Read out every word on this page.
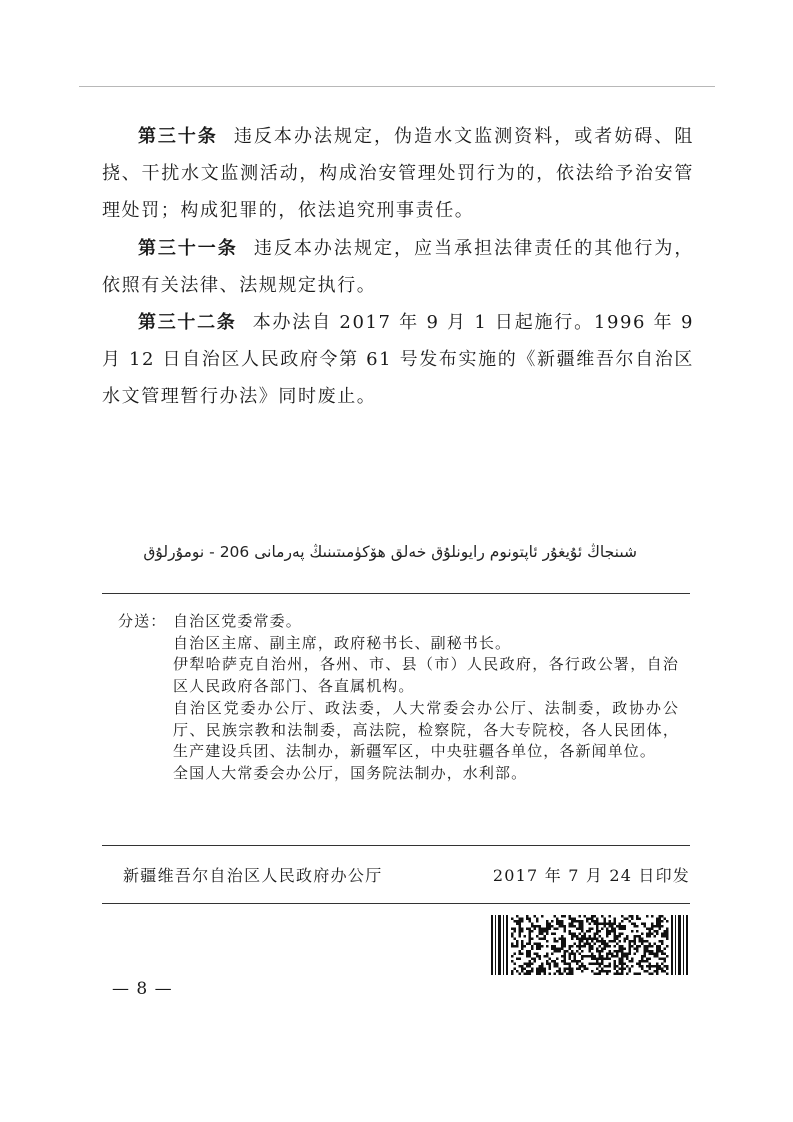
第三十条 违反本办法规定，伪造水文监测资料，或者妨碍、阻挠、干扰水文监测活动，构成治安管理处罚行为的，依法给予治安管理处罚；构成犯罪的，依法追究刑事责任。

第三十一条 违反本办法规定，应当承担法律责任的其他行为，依照有关法律、法规规定执行。

第三十二条 本办法自 2017 年 9 月 1 日起施行。1996 年 9 月 12 日自治区人民政府令第 61 号发布实施的《新疆维吾尔自治区水文管理暂行办法》同时废止。

شىنجاڭ ئۇيغۇر ئاپتونوم رايونلۇق خەلق ھۆكۈمىتىنىڭ پەرمانى 206 - نومۇرلۇق
分送： 自治区党委常委。

自治区主席、副主席，政府秘书长、副秘书长。

伊犁哈萨克自治州，各州、市、县（市）人民政府，各行政公署，自治区人民政府各部门、各直属机构。

自治区党委办公厅、政法委，人大常委会办公厅、法制委，政协办公厅、民族宗教和法制委，高法院，检察院，各大专院校，各人民团体，生产建设兵团、法制办，新疆军区，中央驻疆各单位，各新闻单位。

全国人大常委会办公厅，国务院法制办，水利部。

新疆维吾尔自治区人民政府办公厅	2017 年 7 月 24 日印发
— 8 —
